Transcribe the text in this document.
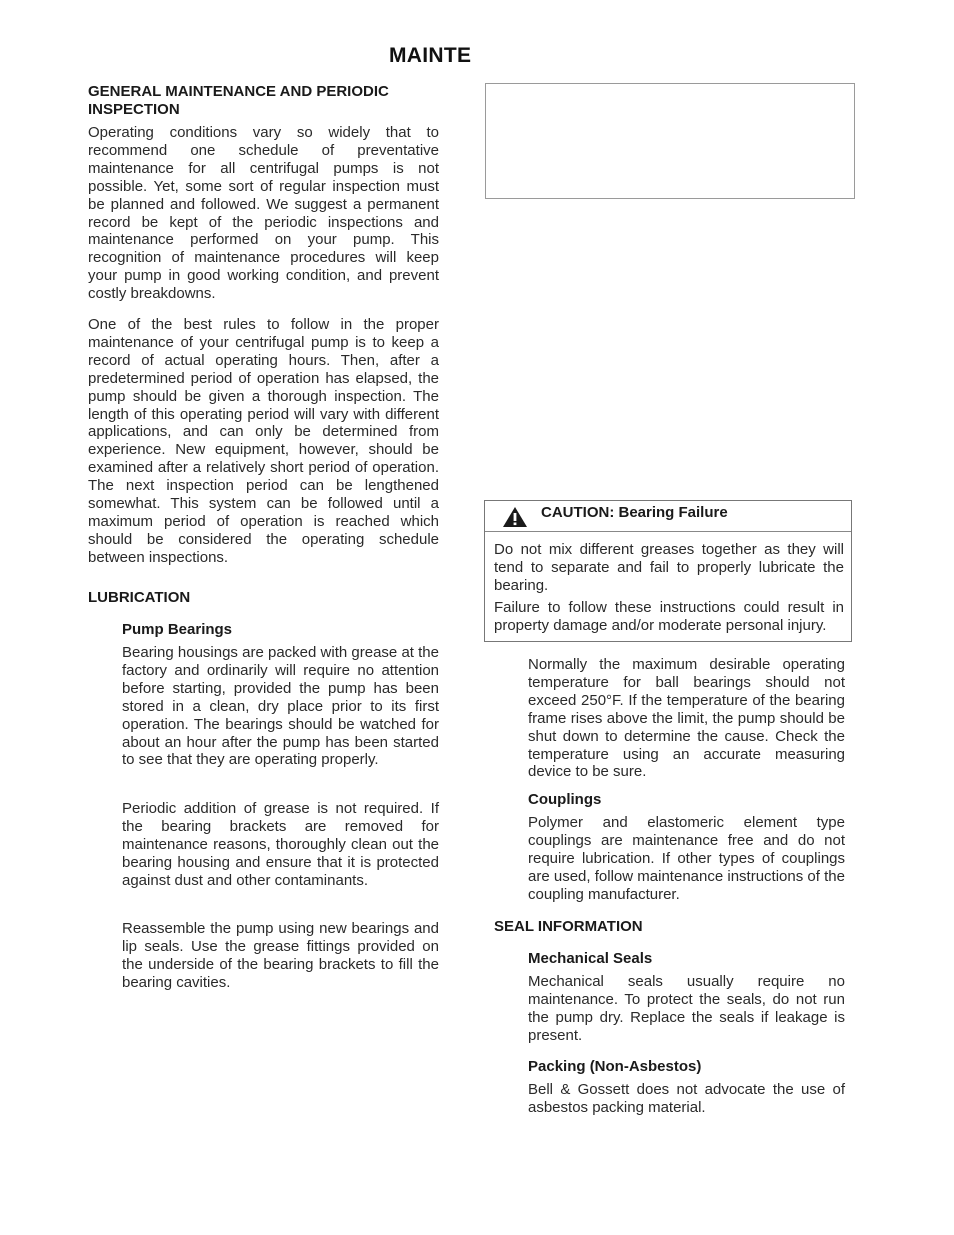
MAINTE
GENERAL MAINTENANCE AND PERIODIC
INSPECTION

Operating conditions vary so widely that to recommend one schedule of preventative maintenance for all centrifugal pumps is not possible. Yet, some sort of regular inspection must be planned and followed. We suggest a permanent record be kept of the periodic inspections and maintenance performed on your pump. This recognition of maintenance procedures will keep your pump in good working condition, and prevent costly breakdowns.

One of the best rules to follow in the proper maintenance of your centrifugal pump is to keep a record of actual operating hours. Then, after a predetermined period of operation has elapsed, the pump should be given a thorough inspection. The length of this operating period will vary with different applications, and can only be determined from experience. New equipment, however, should be examined after a relatively short period of operation. The next inspection period can be lengthened somewhat. This system can be followed until a maximum period of operation is reached which should be considered the operating schedule between inspections.

LUBRICATION
Pump Bearings

Bearing housings are packed with grease at the factory and ordinarily will require no attention before starting, provided the pump has been stored in a clean, dry place prior to its first operation. The bearings should be watched for about an hour after the pump has been started to see that they are operating properly.

Periodic addition of grease is not required. If the bearing brackets are removed for maintenance reasons, thoroughly clean out the bearing housing and ensure that it is protected against dust and other contaminants.

Reassemble the pump using new bearings and lip seals. Use the grease fittings provided on the underside of the bearing brackets to fill the bearing cavities.

CAUTION: Bearing Failure

Do not mix different greases together as they will tend to separate and fail to properly lubricate the bearing.

Failure to follow these instructions could result in property damage and/or moderate personal injury.

Normally the maximum desirable operating temperature for ball bearings should not exceed 250°F. If the temperature of the bearing frame rises above the limit, the pump should be shut down to determine the cause. Check the temperature using an accurate measuring device to be sure.

Couplings

Polymer and elastomeric element type couplings are maintenance free and do not require lubrication. If other types of couplings are used, follow maintenance instructions of the coupling manufacturer.

SEAL INFORMATION
Mechanical Seals

Mechanical seals usually require no maintenance. To protect the seals, do not run the pump dry. Replace the seals if leakage is present.

Packing (Non-Asbestos)

Bell & Gossett does not advocate the use of asbestos packing material.
